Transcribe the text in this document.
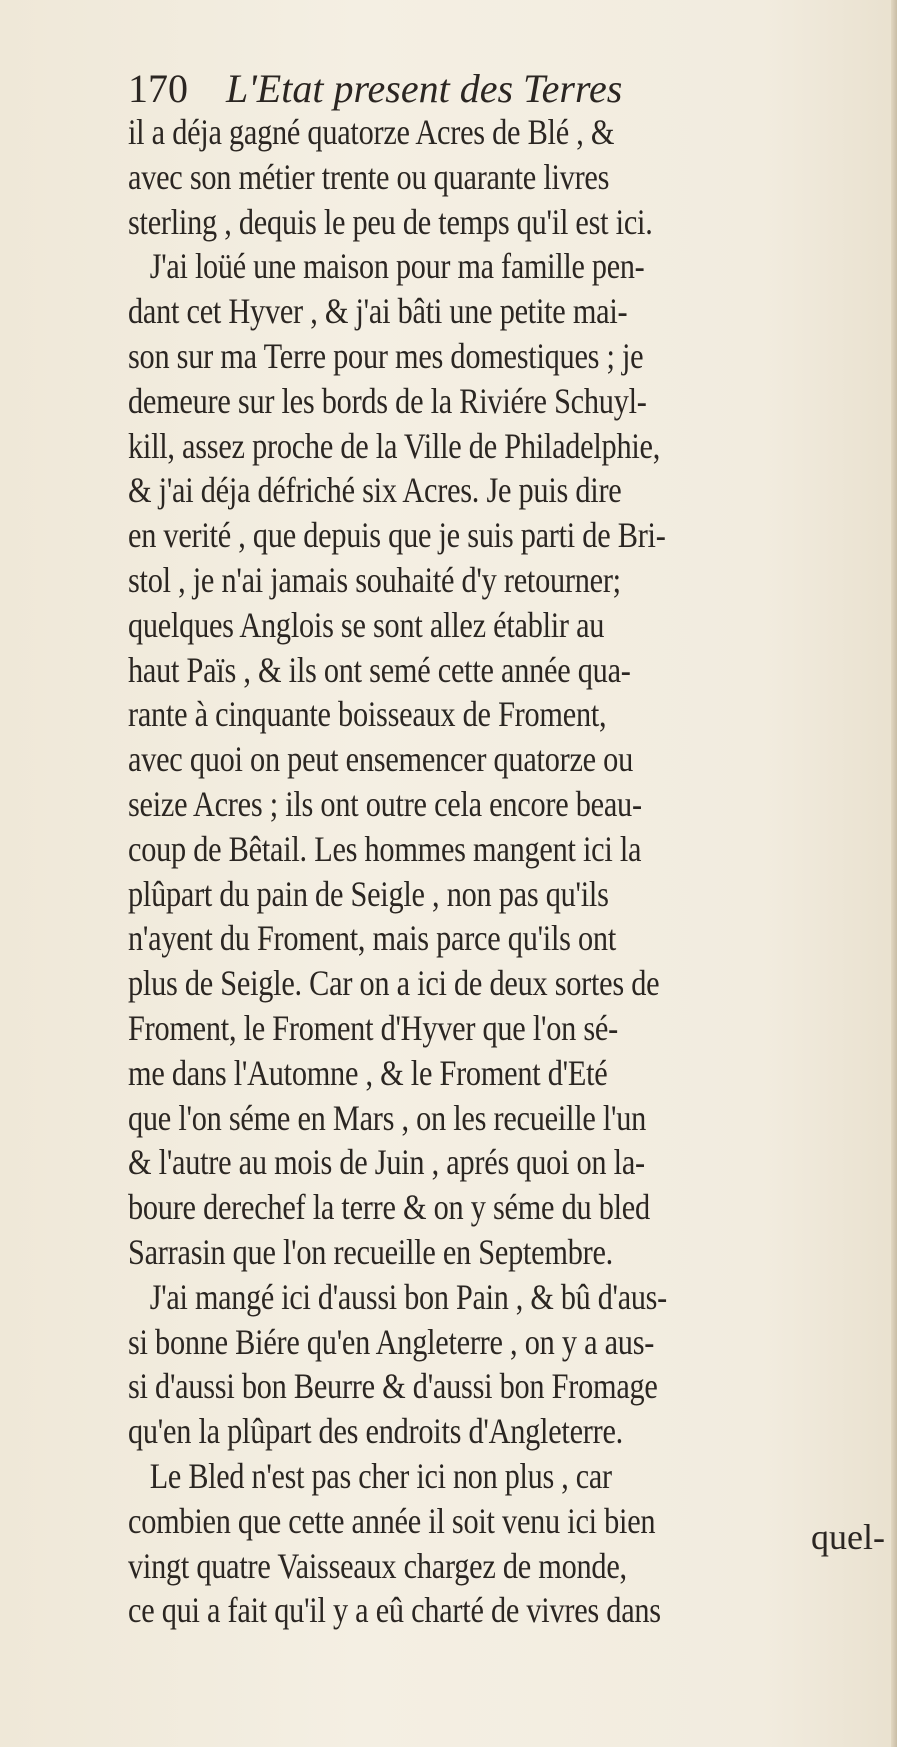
170 L'Etat present des Terres
il a déja gagné quatorze Acres de Blé , &
avec son métier trente ou quarante livres
sterling , dequis le peu de temps qu'il est ici.
J'ai loüé une maison pour ma famille pen-
dant cet Hyver , & j'ai bâti une petite mai-
son sur ma Terre pour mes domestiques ; je
demeure sur les bords de la Riviére Schuyl-
kill, assez proche de la Ville de Philadelphie,
& j'ai déja défriché six Acres. Je puis dire
en verité , que depuis que je suis parti de Bri-
stol , je n'ai jamais souhaité d'y retourner;
quelques Anglois se sont allez établir au
haut Païs , & ils ont semé cette année qua-
rante à cinquante boisseaux de Froment,
avec quoi on peut ensemencer quatorze ou
seize Acres ; ils ont outre cela encore beau-
coup de Bêtail. Les hommes mangent ici la
plûpart du pain de Seigle , non pas qu'ils
n'ayent du Froment, mais parce qu'ils ont
plus de Seigle. Car on a ici de deux sortes de
Froment, le Froment d'Hyver que l'on sé-
me dans l'Automne , & le Froment d'Eté
que l'on séme en Mars , on les recueille l'un
& l'autre au mois de Juin , aprés quoi on la-
boure derechef la terre & on y séme du bled
Sarrasin que l'on recueille en Septembre.
J'ai mangé ici d'aussi bon Pain , & bû d'aus-
si bonne Biére qu'en Angleterre , on y a aus-
si d'aussi bon Beurre & d'aussi bon Fromage
qu'en la plûpart des endroits d'Angleterre.
Le Bled n'est pas cher ici non plus , car
combien que cette année il soit venu ici bien
vingt quatre Vaisseaux chargez de monde,
ce qui a fait qu'il y a eû charté de vivres dans
quel-
